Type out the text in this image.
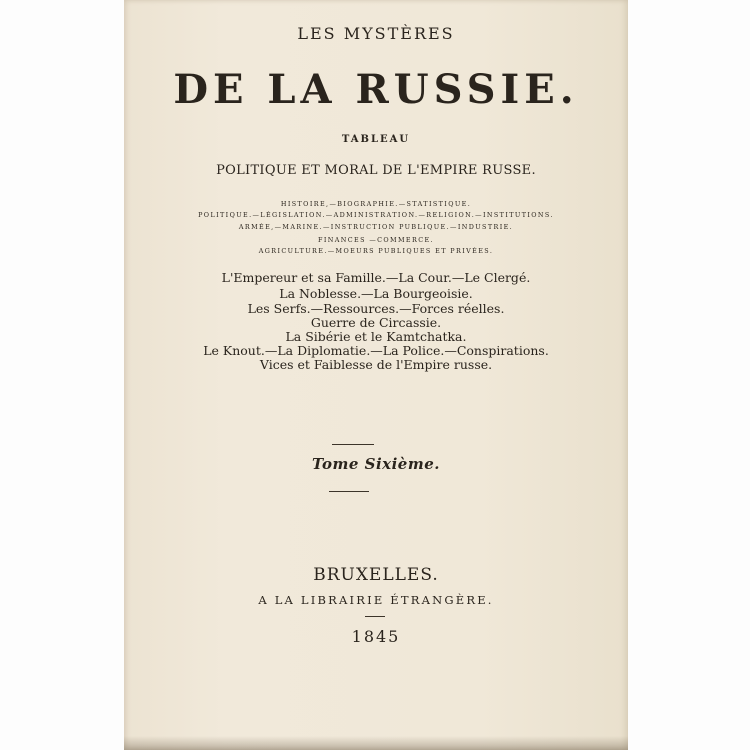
LES MYSTÈRES
DE LA RUSSIE.
TABLEAU
POLITIQUE ET MORAL DE L'EMPIRE RUSSE.
HISTOIRE,—BIOGRAPHIE.—STATISTIQUE.
POLITIQUE.—LÉGISLATION.—ADMINISTRATION.—RELIGION.—INSTITUTIONS.
ARMÉE,—MARINE.—INSTRUCTION PUBLIQUE.—INDUSTRIE.
FINANCES —COMMERCE.
AGRICULTURE.—MOEURS PUBLIQUES ET PRIVÉES.
L'Empereur et sa Famille.—La Cour.—Le Clergé.
La Noblesse.—La Bourgeoisie.
Les Serfs.—Ressources.—Forces réelles.
Guerre de Circassie.
La Sibérie et le Kamtchatka.
Le Knout.—La Diplomatie.—La Police.—Conspirations.
Vices et Faiblesse de l'Empire russe.
Tome Sixième.
BRUXELLES.
A LA LIBRAIRIE ÉTRANGÈRE.
1845
